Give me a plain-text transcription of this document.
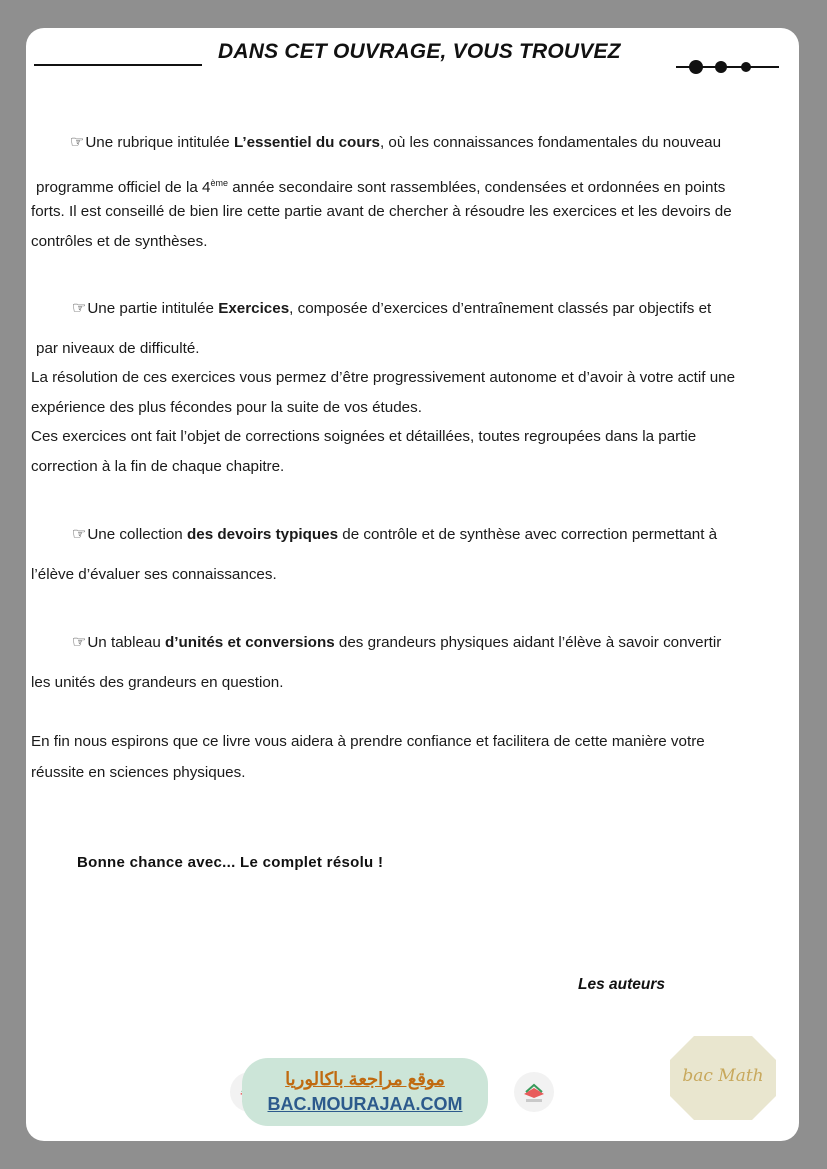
DANS CET OUVRAGE, VOUS TROUVEZ
☞Une rubrique intitulée L’essentiel du cours, où les connaissances fondamentales du nouveau
programme officiel de la 4ème année secondaire sont rassemblées, condensées et ordonnées en points
forts. Il est conseillé de bien lire cette partie avant de chercher à résoudre les exercices et les devoirs de
contrôles et de synthèses.
☞Une partie intitulée Exercices, composée d’exercices d’entraînement classés par objectifs et
par niveaux de difficulté.
La résolution de ces exercices vous permez d’être progressivement autonome et d’avoir à votre actif une
expérience des plus fécondes pour la suite de vos études.
Ces exercices ont fait l’objet de corrections soignées et détaillées, toutes regroupées dans la partie
correction à la fin de chaque chapitre.
☞Une collection des devoirs typiques de contrôle et de synthèse avec correction permettant à
l’élève d’évaluer ses connaissances.
☞Un tableau d’unités et conversions des grandeurs physiques aidant l’élève à savoir convertir
les unités des grandeurs en question.
En fin nous espirons que ce livre vous aidera à prendre confiance et facilitera de cette manière votre
réussite en sciences physiques.
Bonne chance avec... Le complet résolu !
Les auteurs
موقع مراجعة باكالوريا
BAC.MOURAJAA.COM
bac Math
